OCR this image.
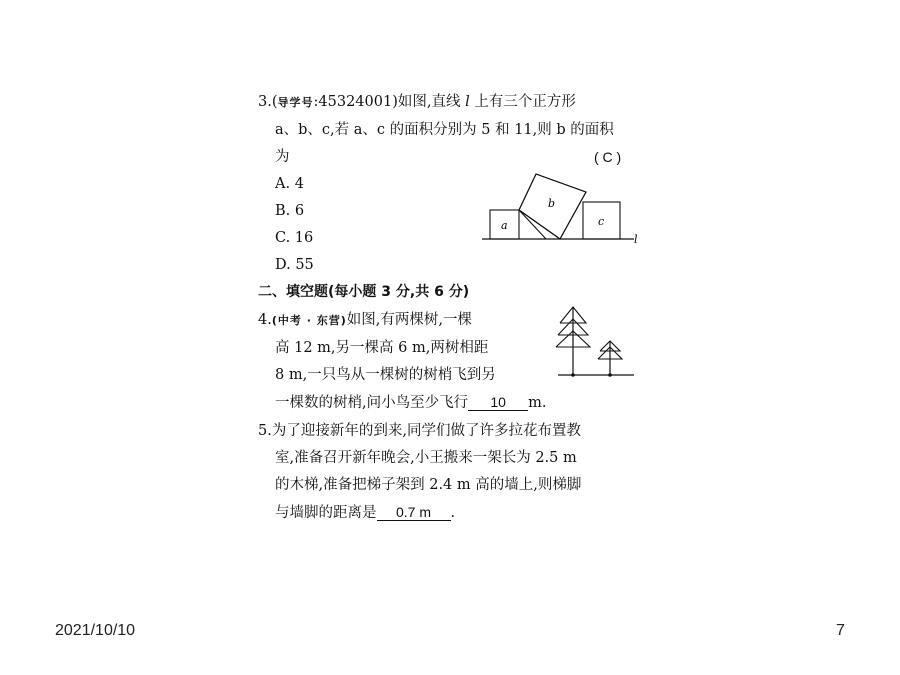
3.(导学号:45324001)如图,直线 l 上有三个正方形
a、b、c,若 a、c 的面积分别为 5 和 11,则 b 的面积
为	( C )
A. 4
B. 6
C. 16
D. 55
a
b
c
l
二、填空题(每小题 3 分,共 6 分)
4.(中考 · 东营)如图,有两棵树,一棵
高 12 m,另一棵高 6 m,两树相距
8 m,一只鸟从一棵树的树梢飞到另
一棵数的树梢,问小鸟至少飞行 10 m.
5.为了迎接新年的到来,同学们做了许多拉花布置教
室,准备召开新年晚会,小王搬来一架长为 2.5 m
的木梯,准备把梯子架到 2.4 m 高的墙上,则梯脚
与墙脚的距离是 0.7 m .
2021/10/10	7
